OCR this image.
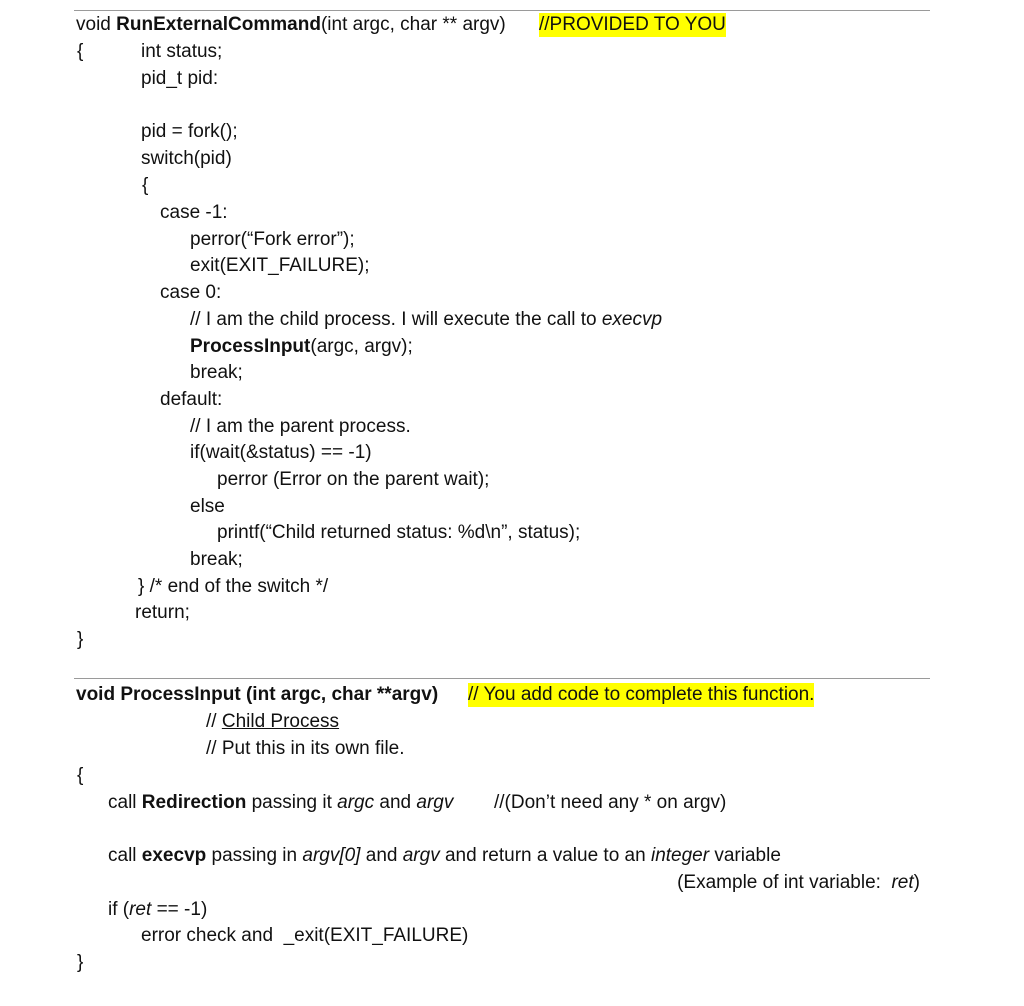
void RunExternalCommand(int argc, char ** argv) //PROVIDED TO YOU
{	int status;
pid_t pid:
pid = fork();
switch(pid)
{
case -1:
perror(“Fork error”);
exit(EXIT_FAILURE);
case 0:
// I am the child process. I will execute the call to execvp
ProcessInput(argc, argv);
break;
default:
// I am the parent process.
if(wait(&status) == -1)
perror (Error on the parent wait);
else
printf(“Child returned status: %d\n”, status);
break;
} /* end of the switch */
return;
}
void ProcessInput (int argc, char **argv) // You add code to complete this function.
// Child Process
// Put this in its own file.
{
call Redirection passing it argc and argv //(Don’t need any * on argv)
call execvp passing in argv[0] and argv and return a value to an integer variable
(Example of int variable:  ret)
if (ret == -1)
error check and  _exit(EXIT_FAILURE)
}
